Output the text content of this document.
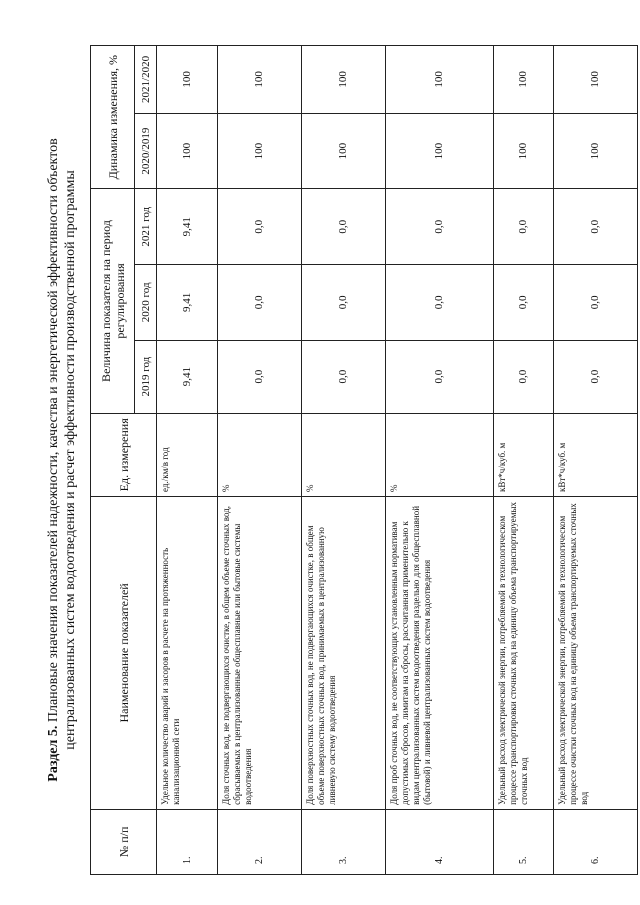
Раздел 5. Плановые значения показателей надежности, качества и энергетической эффективности объектов централизованных систем водоотведения и расчет эффективности производственной программы
№ п/п	Наименование показателей	Ед. измерения	Величина показателя на период регулирования			Динамика изменения, %	
			2019 год	2020 год	2021 год	2020/2019	2021/2020
1.	Удельное количество аварий и засоров в расчете на протяженность канализационной сети	ед./км/в год	9,41	9,41	9,41	100	100
2.	Доля сточных вод, не подвергающихся очистке, в общем объеме сточных вод, сбрасываемых в централизованные общесплавные или бытовые системы водоотведения	%	0,0	0,0	0,0	100	100
3.	Доля поверхностных сточных вод, не подвергающихся очистке, в общем объеме поверхностных сточных вод, принимаемых в централизованную ливневую систему водоотведения	%	0,0	0,0	0,0	100	100
4.	Доля проб сточных вод, не соответствующих установленным нормативам допустимых сбросов, лимитам на сбросы, рассчитанная применительно к видам централизованных систем водоотведения раздельно для общесплавной (бытовой) и ливневой централизованных систем водоотведения	%	0,0	0,0	0,0	100	100
5.	Удельный расход электрической энергии, потребляемой в технологическом процессе транспортировки сточных вод на единицу объема транспортируемых сточных вод	кВт*ч/куб. м	0,0	0,0	0,0	100	100
6.	Удельный расход электрической энергии, потребляемой в технологическом процессе очистки сточных вод на единицу объема транспортируемых сточных вод	кВт*ч/куб. м	0,0	0,0	0,0	100	100
